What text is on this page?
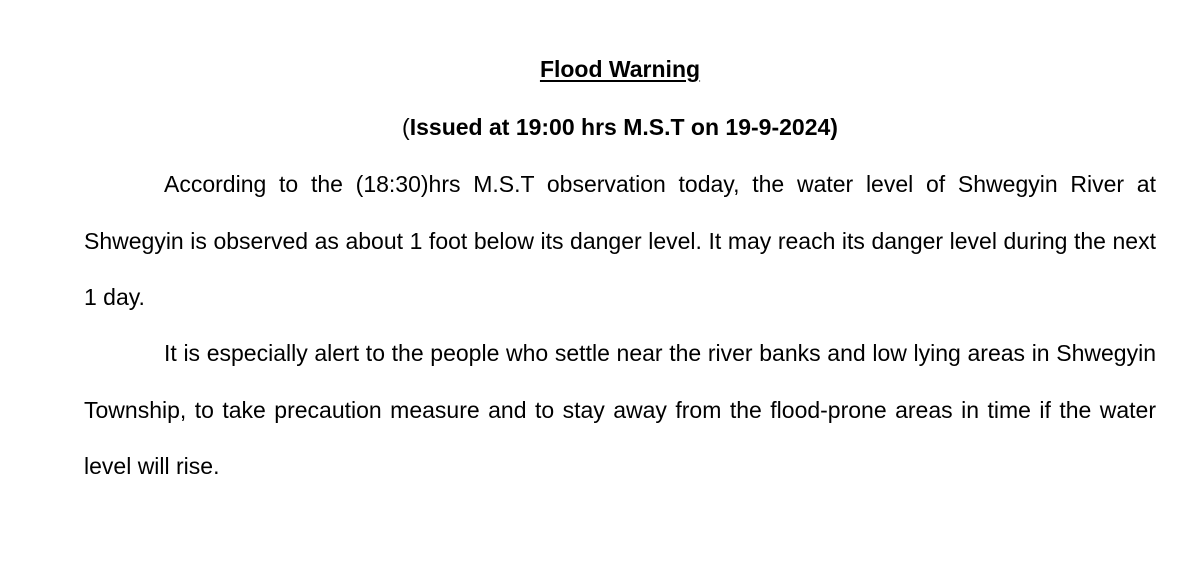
Flood Warning
(Issued at 19:00 hrs M.S.T on 19-9-2024)

According to the (18:30)hrs M.S.T observation today, the water level of Shwegyin River at Shwegyin is observed as about 1 foot below its danger level. It may reach its danger level during the next 1 day.

It is especially alert to the people who settle near the river banks and low lying areas in Shwegyin Township, to take precaution measure and to stay away from the flood-prone areas in time if the water level will rise.
